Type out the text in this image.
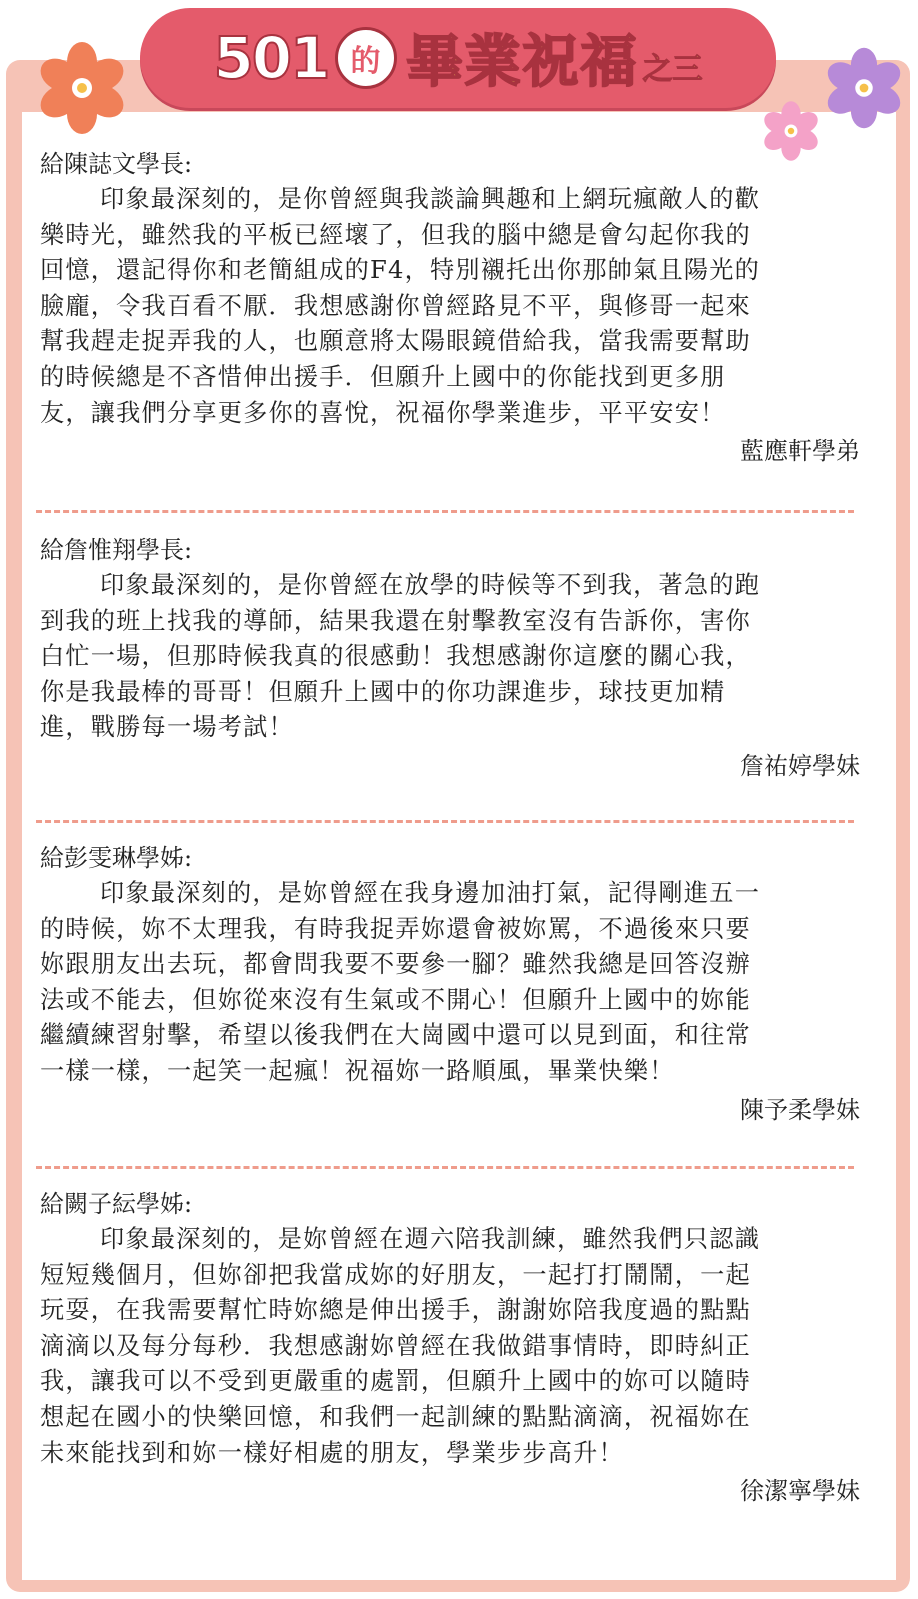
501 的 畢業祝福 之三
給陳誌文學長:
印象最深刻的，是你曾經與我談論興趣和上網玩瘋敵人的歡
樂時光，雖然我的平板已經壞了，但我的腦中總是會勾起你我的
回憶，還記得你和老簡組成的F4，特別襯托出你那帥氣且陽光的
臉龐，令我百看不厭．我想感謝你曾經路見不平，與修哥一起來
幫我趕走捉弄我的人，也願意將太陽眼鏡借給我，當我需要幫助
的時候總是不吝惜伸出援手．但願升上國中的你能找到更多朋
友，讓我們分享更多你的喜悅，祝福你學業進步，平平安安！
藍應軒學弟
給詹惟翔學長:
印象最深刻的，是你曾經在放學的時候等不到我，著急的跑
到我的班上找我的導師，結果我還在射擊教室沒有告訴你，害你
白忙一場，但那時候我真的很感動！我想感謝你這麼的關心我，
你是我最棒的哥哥！但願升上國中的你功課進步，球技更加精
進，戰勝每一場考試！
詹祐婷學妹
給彭雯琳學姊:
印象最深刻的，是妳曾經在我身邊加油打氣，記得剛進五一
的時候，妳不太理我，有時我捉弄妳還會被妳罵，不過後來只要
妳跟朋友出去玩，都會問我要不要參一腳？雖然我總是回答沒辦
法或不能去，但妳從來沒有生氣或不開心！但願升上國中的妳能
繼續練習射擊，希望以後我們在大崗國中還可以見到面，和往常
一樣一樣，一起笑一起瘋！祝福妳一路順風，畢業快樂！
陳予柔學妹
給闕子紜學姊:
印象最深刻的，是妳曾經在週六陪我訓練，雖然我們只認識
短短幾個月，但妳卻把我當成妳的好朋友，一起打打鬧鬧，一起
玩耍，在我需要幫忙時妳總是伸出援手，謝謝妳陪我度過的點點
滴滴以及每分每秒．我想感謝妳曾經在我做錯事情時，即時糾正
我，讓我可以不受到更嚴重的處罰，但願升上國中的妳可以隨時
想起在國小的快樂回憶，和我們一起訓練的點點滴滴，祝福妳在
未來能找到和妳一樣好相處的朋友，學業步步高升！
徐潔寧學妹
